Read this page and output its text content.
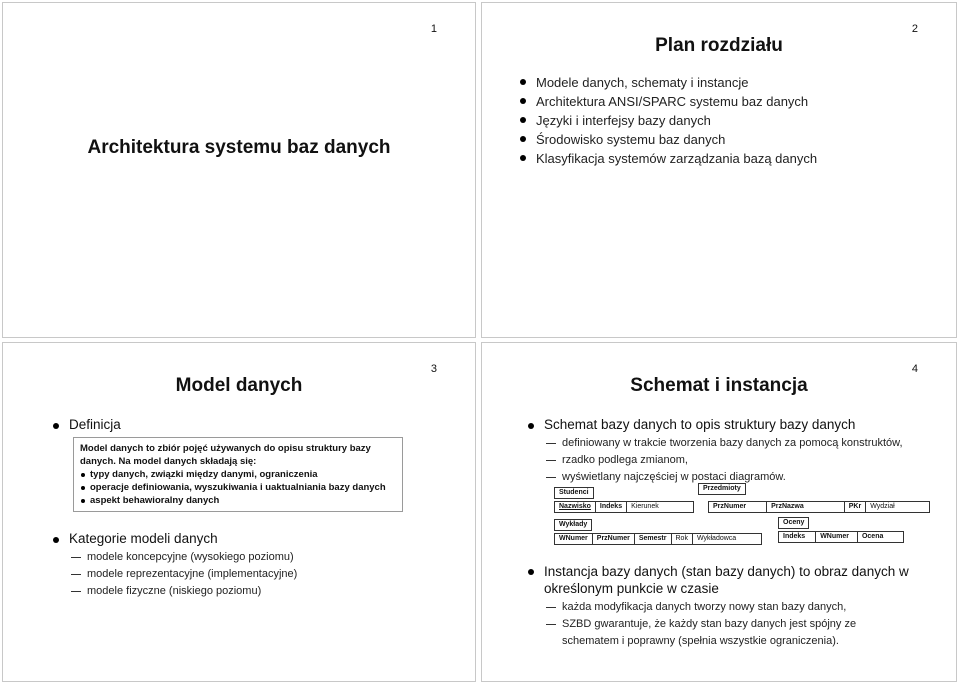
1
Architektura systemu baz danych
2
Plan rozdziału
Modele danych, schematy i instancje
Architektura ANSI/SPARC systemu baz danych
Języki i interfejsy bazy danych
Środowisko systemu baz danych
Klasyfikacja systemów zarządzania bazą danych
3
Model danych
Definicja
Model danych to zbiór pojęć używanych do opisu struktury bazy danych. Na model danych składają się:
typy danych, związki między danymi, ograniczenia
operacje definiowania, wyszukiwania i uaktualniania bazy danych
aspekt behawioralny danych
Kategorie modeli danych
modele koncepcyjne (wysokiego poziomu)
modele reprezentacyjne (implementacyjne)
modele fizyczne (niskiego poziomu)
4
Schemat i instancja
Schemat bazy danych to opis struktury bazy danych
definiowany w trakcie tworzenia bazy danych za pomocą konstruktów,
rzadko podlega zmianom,
wyświetlany najczęściej w postaci diagramów.
Studenci
Nazwisko	Indeks	Kierunek
Przedmioty
PrzNumer	PrzNazwa	PKr	Wydział
Wykłady
WNumer	PrzNumer	Semestr	Rok	Wykładowca
Oceny
Indeks	WNumer	Ocena
Instancja bazy danych (stan bazy danych) to obraz danych w określonym punkcie w czasie
każda modyfikacja danych tworzy nowy stan bazy danych,
SZBD gwarantuje, że każdy stan bazy danych jest spójny ze schematem i poprawny (spełnia wszystkie ograniczenia).
